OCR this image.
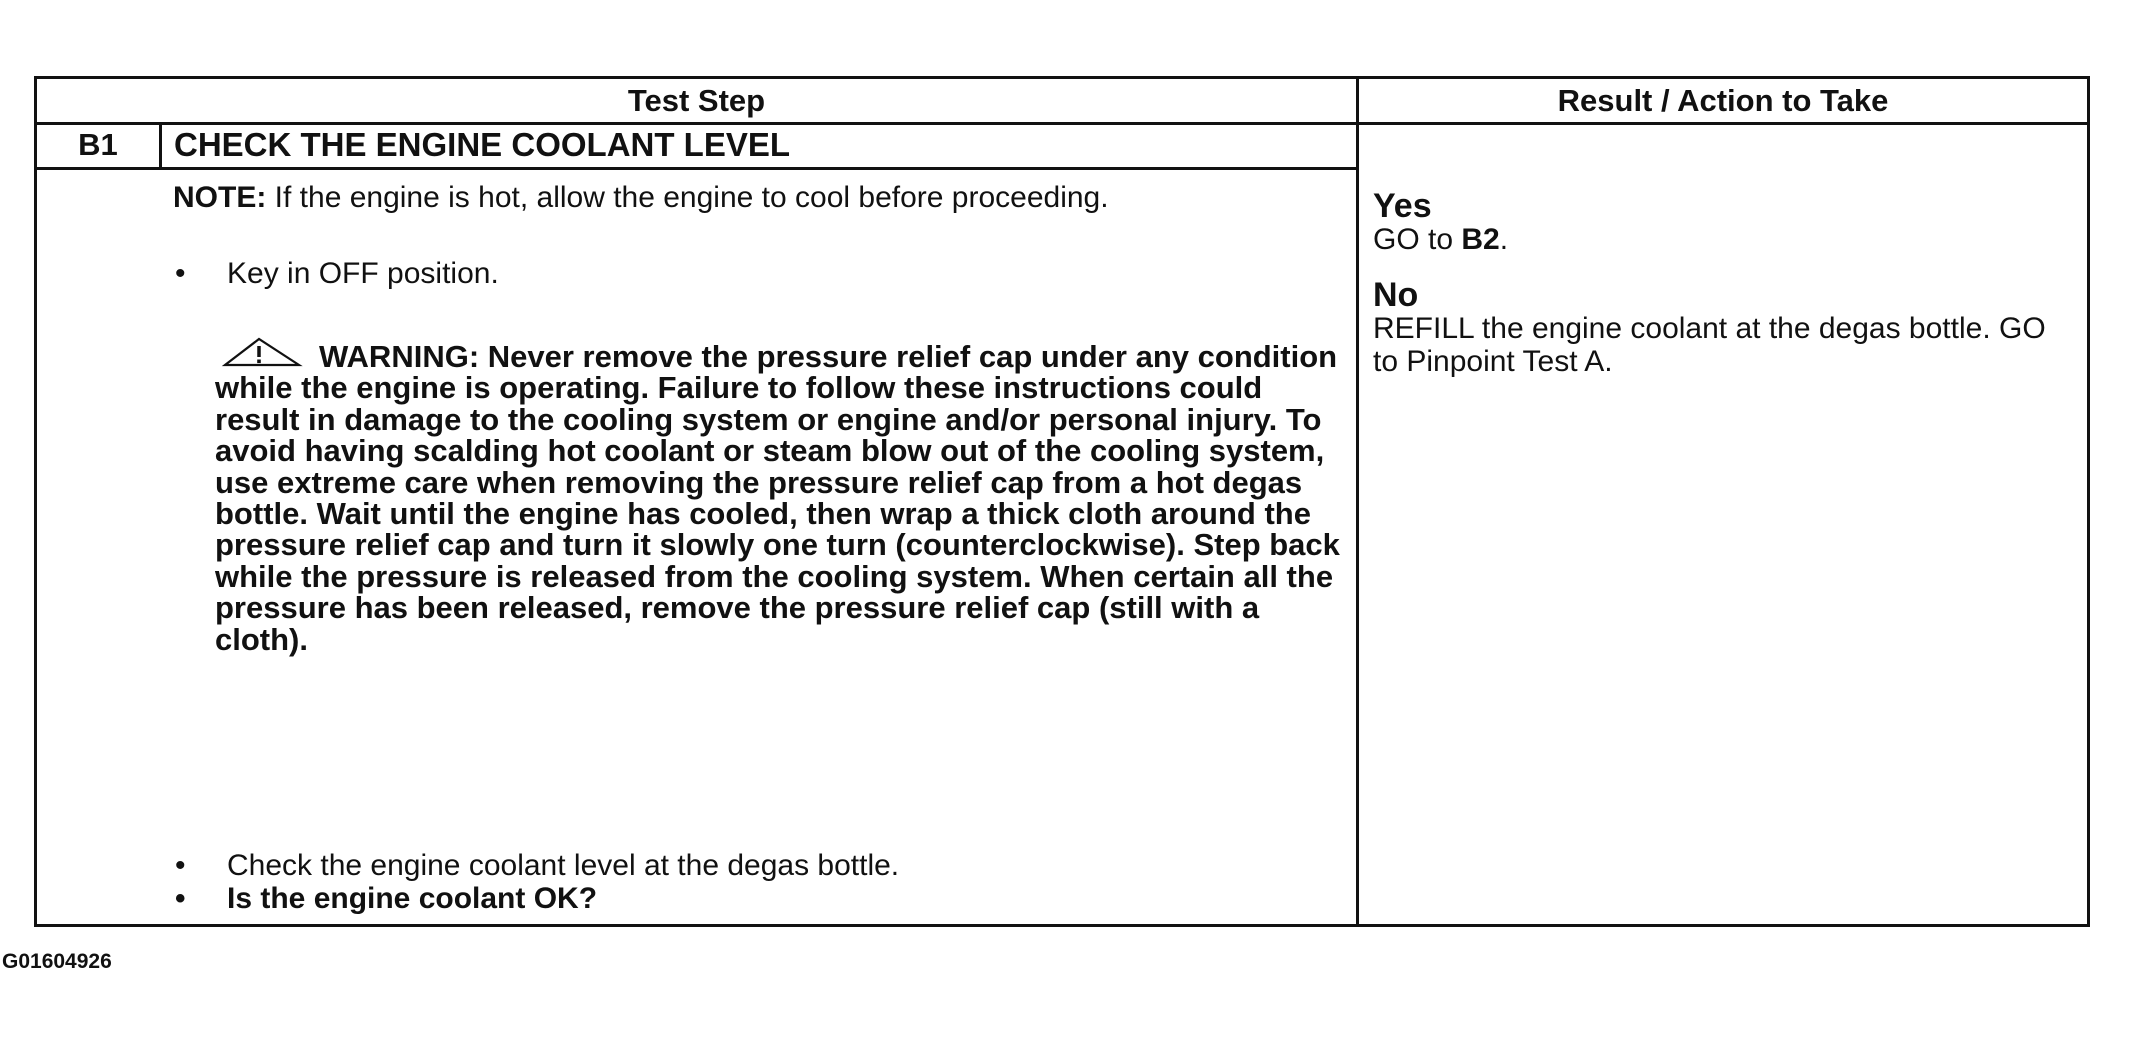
Test Step	Result / Action to Take
B1	CHECK THE ENGINE COOLANT LEVEL
NOTE: If the engine is hot, allow the engine to cool before proceeding.
• Key in OFF position.
WARNING: Never remove the pressure relief cap under any condition while the engine is operating. Failure to follow these instructions could result in damage to the cooling system or engine and/or personal injury. To avoid having scalding hot coolant or steam blow out of the cooling system, use extreme care when removing the pressure relief cap from a hot degas bottle. Wait until the engine has cooled, then wrap a thick cloth around the pressure relief cap and turn it slowly one turn (counterclockwise). Step back while the pressure is released from the cooling system. When certain all the pressure has been released, remove the pressure relief cap (still with a cloth).
• Check the engine coolant level at the degas bottle.
• Is the engine coolant OK?
Yes
GO to B2.
No
REFILL the engine coolant at the degas bottle. GO to Pinpoint Test A.
G01604926
